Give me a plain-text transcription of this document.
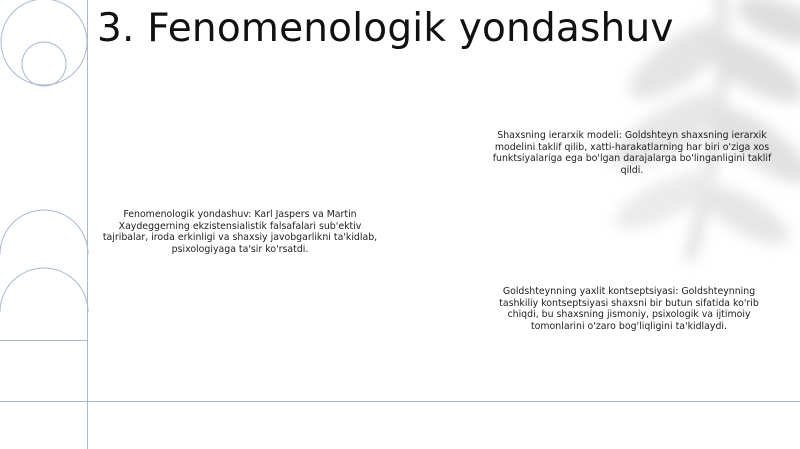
3. Fenomenologik yondashuv

Fenomenologik yondashuv: Karl Jaspers va Martin Xaydeggerning ekzistensialistik falsafalari sub'ektiv tajribalar, iroda erkinligi va shaxsiy javobgarlikni ta'kidlab, psixologiyaga ta'sir ko'rsatdi.

Shaxsning ierarxik modeli: Goldshteyn shaxsning ierarxik modelini taklif qilib, xatti-harakatlarning har biri o'ziga xos funktsiyalariga ega bo'lgan darajalarga bo'linganligini taklif qildi.

Goldshteynning yaxlit kontseptsiyasi: Goldshteynning tashkiliy kontseptsiyasi shaxsni bir butun sifatida ko'rib chiqdi, bu shaxsning jismoniy, psixologik va ijtimoiy tomonlarini o'zaro bog'liqligini ta'kidlaydi.
